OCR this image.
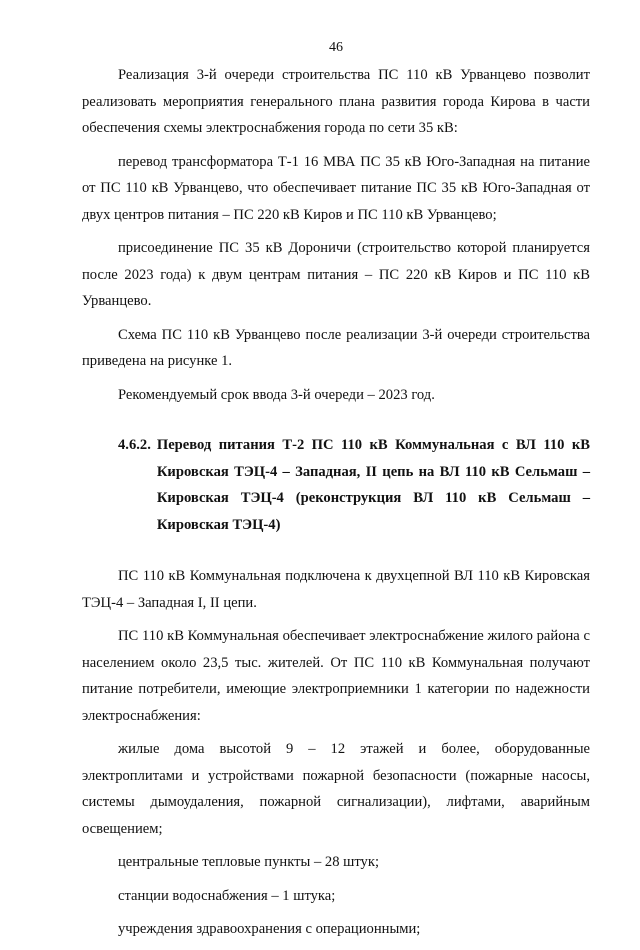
46

Реализация 3-й очереди строительства ПС 110 кВ Урванцево позволит реализовать мероприятия генерального плана развития города Кирова в части обеспечения схемы электроснабжения города по сети 35 кВ:

перевод трансформатора Т-1 16 МВА ПС 35 кВ Юго-Западная на питание от ПС 110 кВ Урванцево, что обеспечивает питание ПС 35 кВ Юго-Западная от двух центров питания – ПС 220 кВ Киров и ПС 110 кВ Урванцево;

присоединение ПС 35 кВ Дороничи (строительство которой планируется после 2023 года) к двум центрам питания – ПС 220 кВ Киров и ПС 110 кВ Урванцево.

Схема ПС 110 кВ Урванцево после реализации 3-й очереди строительства приведена на рисунке 1.

Рекомендуемый срок ввода 3-й очереди – 2023 год.

4.6.2. Перевод питания Т-2 ПС 110 кВ Коммунальная с ВЛ 110 кВ Кировская ТЭЦ-4 – Западная, II цепь на ВЛ 110 кВ Сельмаш – Кировская ТЭЦ-4 (реконструкция ВЛ 110 кВ Сельмаш – Кировская ТЭЦ-4)

ПС 110 кВ Коммунальная подключена к двухцепной ВЛ 110 кВ Кировская ТЭЦ-4 – Западная I, II цепи.

ПС 110 кВ Коммунальная обеспечивает электроснабжение жилого района с населением около 23,5 тыс. жителей. От ПС 110 кВ Коммунальная получают питание потребители, имеющие электроприемники 1 категории по надежности электроснабжения:

жилые дома высотой 9 – 12 этажей и более, оборудованные электроплитами и устройствами пожарной безопасности (пожарные насосы, системы дымоудаления, пожарной сигнализации), лифтами, аварийным освещением;

центральные тепловые пункты – 28 штук;

станции водоснабжения – 1 штука;

учреждения здравоохранения с операционными;
